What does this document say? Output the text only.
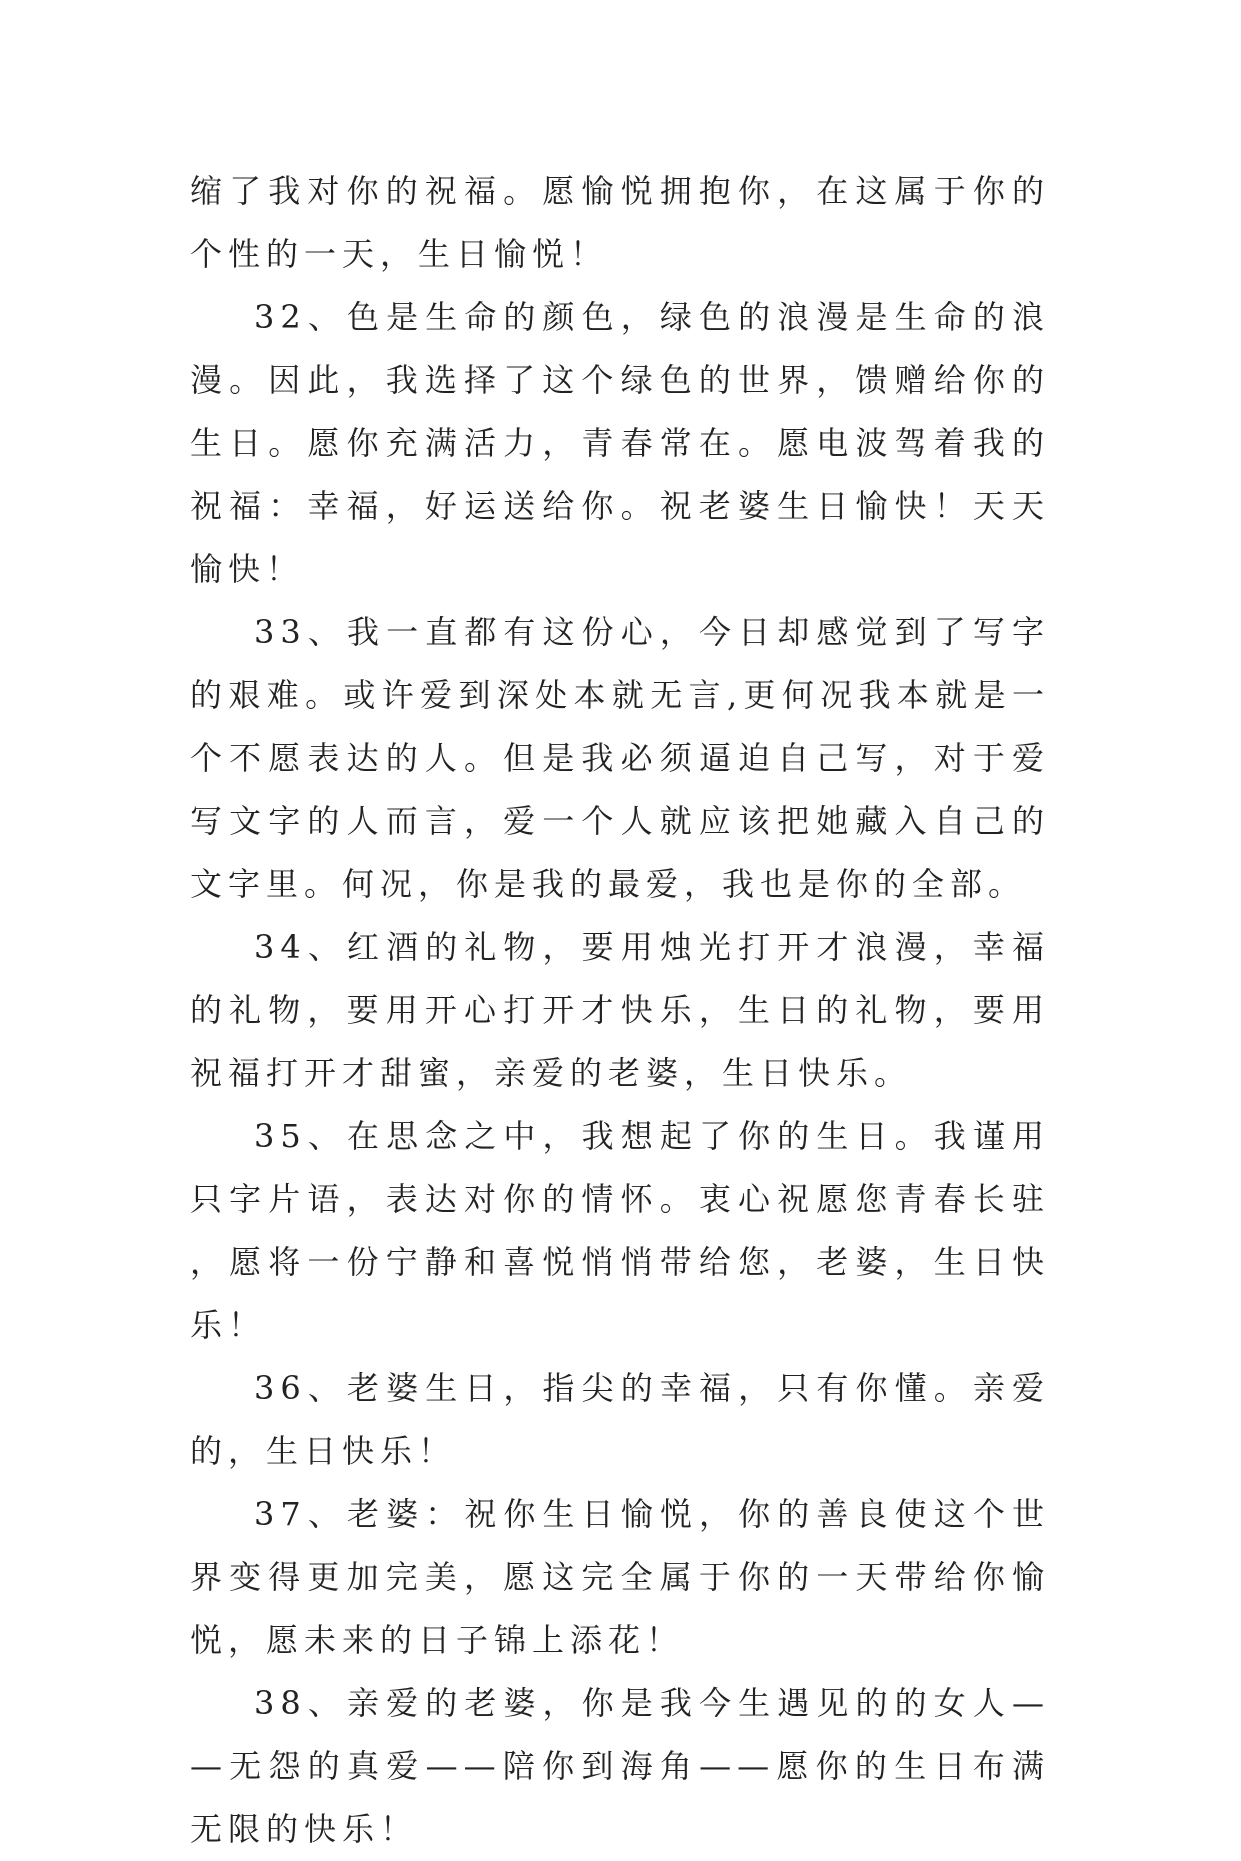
缩了我对你的祝福。愿愉悦拥抱你，在这属于你的个性的一天，生日愉悦！

32、色是生命的颜色，绿色的浪漫是生命的浪漫。因此，我选择了这个绿色的世界，馈赠给你的生日。愿你充满活力，青春常在。愿电波驾着我的祝福：幸福，好运送给你。祝老婆生日愉快！天天愉快！

33、我一直都有这份心，今日却感觉到了写字的艰难。或许爱到深处本就无言,更何况我本就是一个不愿表达的人。但是我必须逼迫自己写，对于爱写文字的人而言，爱一个人就应该把她藏入自己的文字里。何况，你是我的最爱，我也是你的全部。

34、红酒的礼物，要用烛光打开才浪漫，幸福的礼物，要用开心打开才快乐，生日的礼物，要用祝福打开才甜蜜，亲爱的老婆，生日快乐。

35、在思念之中，我想起了你的生日。我谨用只字片语，表达对你的情怀。衷心祝愿您青春长驻，愿将一份宁静和喜悦悄悄带给您，老婆，生日快乐！

36、老婆生日，指尖的幸福，只有你懂。亲爱的，生日快乐！

37、老婆：祝你生日愉悦，你的善良使这个世界变得更加完美，愿这完全属于你的一天带给你愉悦，愿未来的日子锦上添花！

38、亲爱的老婆，你是我今生遇见的的女人——无怨的真爱——陪你到海角——愿你的生日布满无限的快乐！
